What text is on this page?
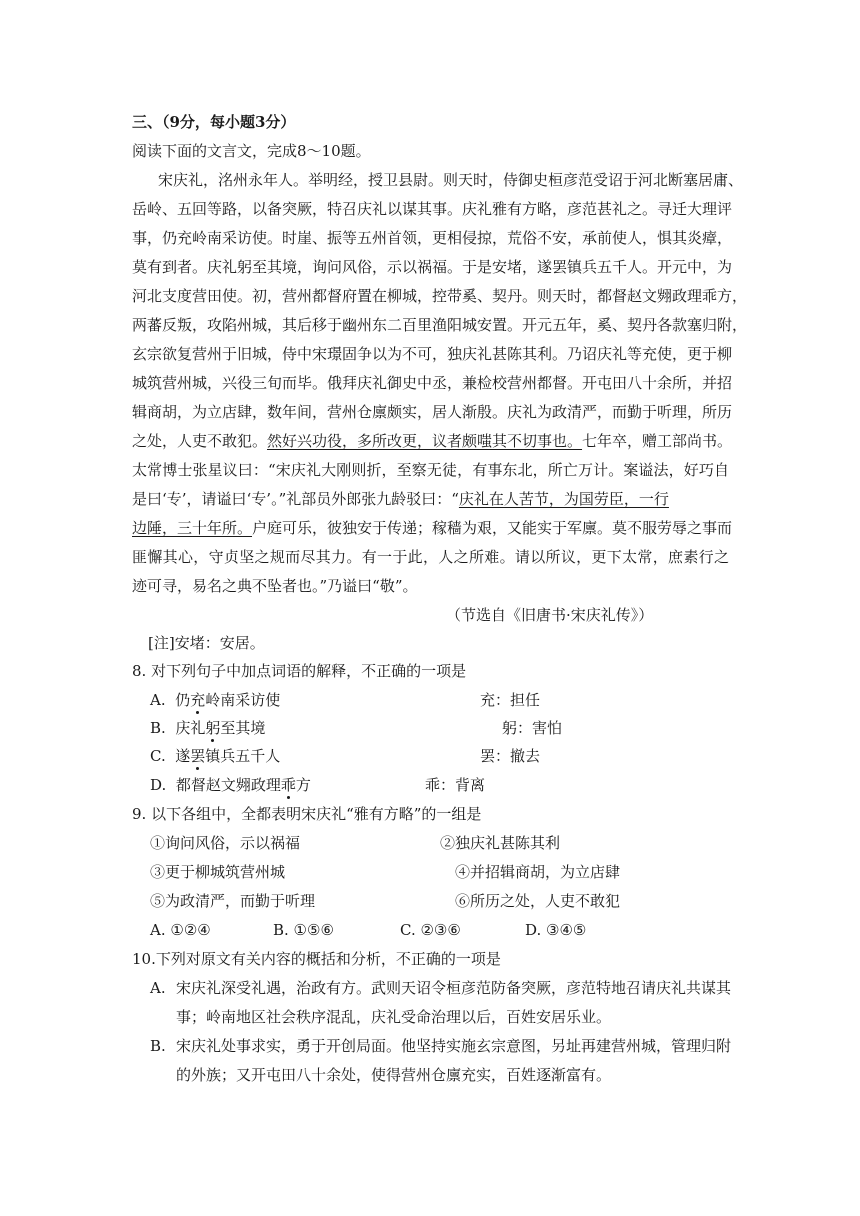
三、（9分，每小题3分）
阅读下面的文言文，完成8～10题。
宋庆礼，洺州永年人。举明经，授卫县尉。则天时，侍御史桓彦范受诏于河北断塞居庸、
岳岭、五回等路，以备突厥，特召庆礼以谋其事。庆礼雅有方略，彦范甚礼之。寻迁大理评
事，仍充岭南采访使。时崖、振等五州首领，更相侵掠，荒俗不安，承前使人，惧其炎瘴，
莫有到者。庆礼躬至其境，询问风俗，示以祸福。于是安堵，遂罢镇兵五千人。开元中，为
河北支度营田使。初，营州都督府置在柳城，控带奚、契丹。则天时，都督赵文翙政理乖方，
两蕃反叛，攻陷州城，其后移于幽州东二百里渔阳城安置。开元五年，奚、契丹各款塞归附，
玄宗欲复营州于旧城，侍中宋璟固争以为不可，独庆礼甚陈其利。乃诏庆礼等充使，更于柳
城筑营州城，兴役三旬而毕。俄拜庆礼御史中丞，兼检校营州都督。开屯田八十余所，并招
辑商胡，为立店肆，数年间，营州仓廪颇实，居人渐殷。庆礼为政清严，而勤于听理，所历
之处，人吏不敢犯。然好兴功役，多所改更，议者颇嗤其不切事也。七年卒，赠工部尚书。
太常博士张星议曰：“宋庆礼大刚则折，至察无徒，有事东北，所亡万计。案谥法，好巧自
是曰‘专’，请谥曰‘专’。”礼部员外郎张九龄驳曰：“庆礼在人苦节，为国劳臣，一行
边陲，三十年所。户庭可乐，彼独安于传递；稼穑为艰，又能实于军廪。莫不服劳辱之事而
匪懈其心，守贞坚之规而尽其力。有一于此，人之所难。请以所议，更下太常，庶素行之
迹可寻，易名之典不坠者也。”乃谥曰“敬”。
（节选自《旧唐书·宋庆礼传》）
[注]安堵：安居。
8. 对下列句子中加点词语的解释，不正确的一项是
A. 仍充岭南采访使	充：担任
B. 庆礼躬至其境	躬：害怕
C. 遂罢镇兵五千人	罢：撤去
D. 都督赵文翙政理乖方	乖：背离
9. 以下各组中，全都表明宋庆礼“雅有方略”的一组是
①询问风俗，示以祸福	②独庆礼甚陈其利
③更于柳城筑营州城	④并招辑商胡，为立店肆
⑤为政清严，而勤于听理	⑥所历之处，人吏不敢犯
A. ①②④	B. ①⑤⑥	C. ②③⑥	D. ③④⑤
10.下列对原文有关内容的概括和分析，不正确的一项是
A. 宋庆礼深受礼遇，治政有方。武则天诏令桓彦范防备突厥，彦范特地召请庆礼共谋其
事；岭南地区社会秩序混乱，庆礼受命治理以后，百姓安居乐业。
B. 宋庆礼处事求实，勇于开创局面。他坚持实施玄宗意图，另址再建营州城，管理归附
的外族；又开屯田八十余处，使得营州仓廪充实，百姓逐渐富有。
